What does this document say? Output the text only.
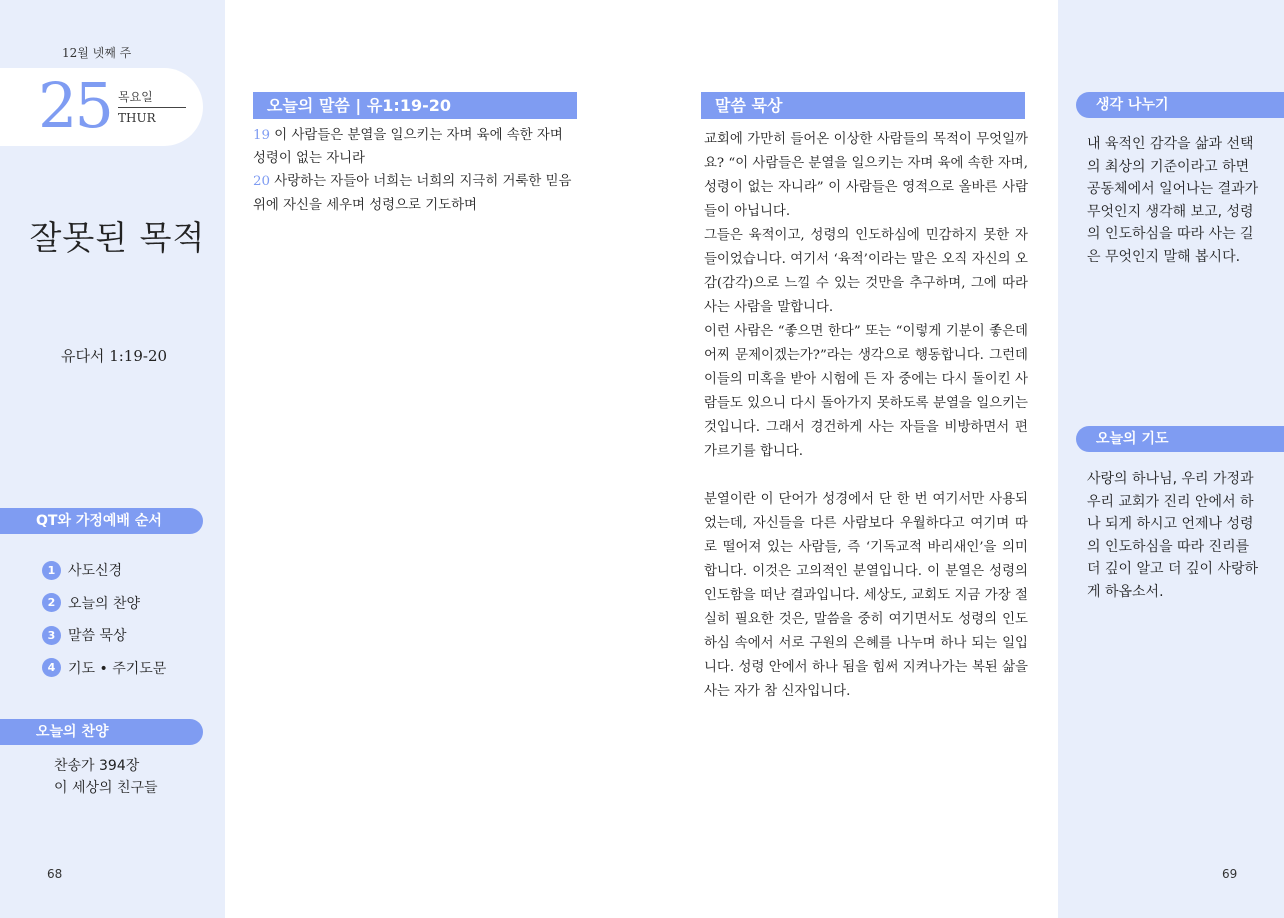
12월 넷째 주
25 목요일
THUR
잘못된 목적
유다서 1:19-20
QT와 가정예배 순서
1 사도신경
2 오늘의 찬양
3 말씀 묵상
4 기도 • 주기도문
오늘의 찬양
찬송가 394장
이 세상의 친구들
68
오늘의 말씀 | 유1:19-20
19 이 사람들은 분열을 일으키는 자며 육에 속한 자며 성령이 없는 자니라
20 사랑하는 자들아 너희는 너희의 지극히 거룩한 믿음 위에 자신을 세우며 성령으로 기도하며
말씀 묵상

교회에 가만히 들어온 이상한 사람들의 목적이 무엇일까요? “이 사람들은 분열을 일으키는 자며 육에 속한 자며, 성령이 없는 자니라” 이 사람들은 영적으로 올바른 사람들이 아닙니다.

그들은 육적이고, 성령의 인도하심에 민감하지 못한 자들이었습니다. 여기서 ‘육적’이라는 말은 오직 자신의 오감(감각)으로 느낄 수 있는 것만을 추구하며, 그에 따라 사는 사람을 말합니다.

이런 사람은 “좋으면 한다” 또는 “이렇게 기분이 좋은데 어찌 문제이겠는가?”라는 생각으로 행동합니다. 그런데 이들의 미혹을 받아 시험에 든 자 중에는 다시 돌이킨 사람들도 있으니 다시 돌아가지 못하도록 분열을 일으키는 것입니다. 그래서 경건하게 사는 자들을 비방하면서 편가르기를 합니다.

분열이란 이 단어가 성경에서 단 한 번 여기서만 사용되었는데, 자신들을 다른 사람보다 우월하다고 여기며 따로 떨어져 있는 사람들, 즉 ‘기독교적 바리새인’을 의미합니다. 이것은 고의적인 분열입니다. 이 분열은 성령의 인도함을 떠난 결과입니다. 세상도, 교회도 지금 가장 절실히 필요한 것은, 말씀을 중히 여기면서도 성령의 인도하심 속에서 서로 구원의 은혜를 나누며 하나 되는 일입니다. 성령 안에서 하나 됨을 힘써 지켜나가는 복된 삶을 사는 자가 참 신자입니다.

69
생각 나누기
내 육적인 감각을 삶과 선택의 최상의 기준이라고 하면 공동체에서 일어나는 결과가 무엇인지 생각해 보고, 성령의 인도하심을 따라 사는 길은 무엇인지 말해 봅시다.
오늘의 기도
사랑의 하나님, 우리 가정과 우리 교회가 진리 안에서 하나 되게 하시고 언제나 성령의 인도하심을 따라 진리를 더 깊이 알고 더 깊이 사랑하게 하옵소서.
